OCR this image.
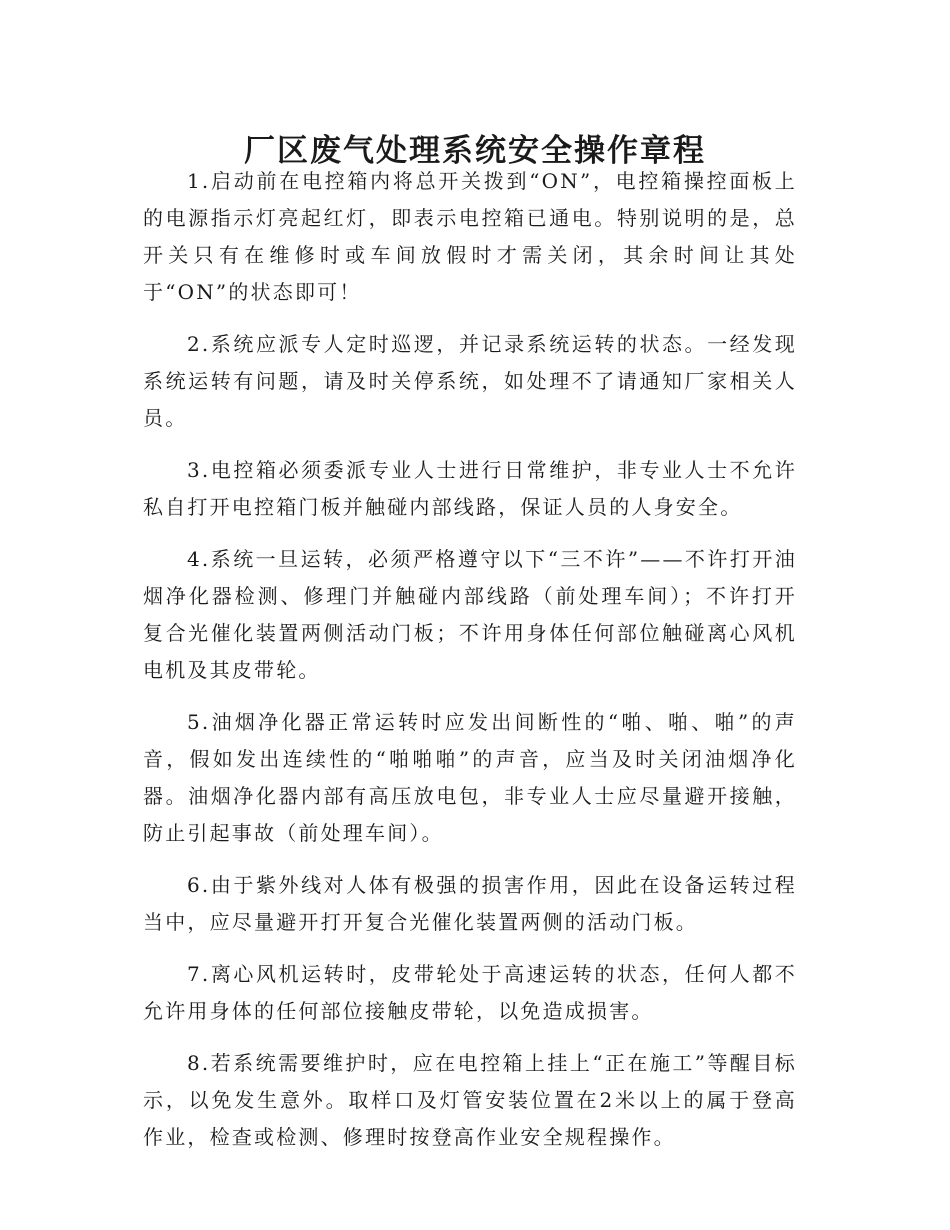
厂区废气处理系统安全操作章程

1.启动前在电控箱内将总开关拨到“ON”，电控箱操控面板上的电源指示灯亮起红灯，即表示电控箱已通电。特别说明的是，总开关只有在维修时或车间放假时才需关闭，其余时间让其处于“ON”的状态即可！

2.系统应派专人定时巡逻，并记录系统运转的状态。一经发现系统运转有问题，请及时关停系统，如处理不了请通知厂家相关人员。

3.电控箱必须委派专业人士进行日常维护，非专业人士不允许私自打开电控箱门板并触碰内部线路，保证人员的人身安全。

4.系统一旦运转，必须严格遵守以下“三不许”——不许打开油烟净化器检测、修理门并触碰内部线路（前处理车间）；不许打开复合光催化装置两侧活动门板；不许用身体任何部位触碰离心风机电机及其皮带轮。

5.油烟净化器正常运转时应发出间断性的“啪、啪、啪”的声音，假如发出连续性的“啪啪啪”的声音，应当及时关闭油烟净化器。油烟净化器内部有高压放电包，非专业人士应尽量避开接触，防止引起事故（前处理车间）。

6.由于紫外线对人体有极强的损害作用，因此在设备运转过程当中，应尽量避开打开复合光催化装置两侧的活动门板。

7.离心风机运转时，皮带轮处于高速运转的状态，任何人都不允许用身体的任何部位接触皮带轮，以免造成损害。

8.若系统需要维护时，应在电控箱上挂上“正在施工”等醒目标示，以免发生意外。取样口及灯管安装位置在2米以上的属于登高作业，检查或检测、修理时按登高作业安全规程操作。
